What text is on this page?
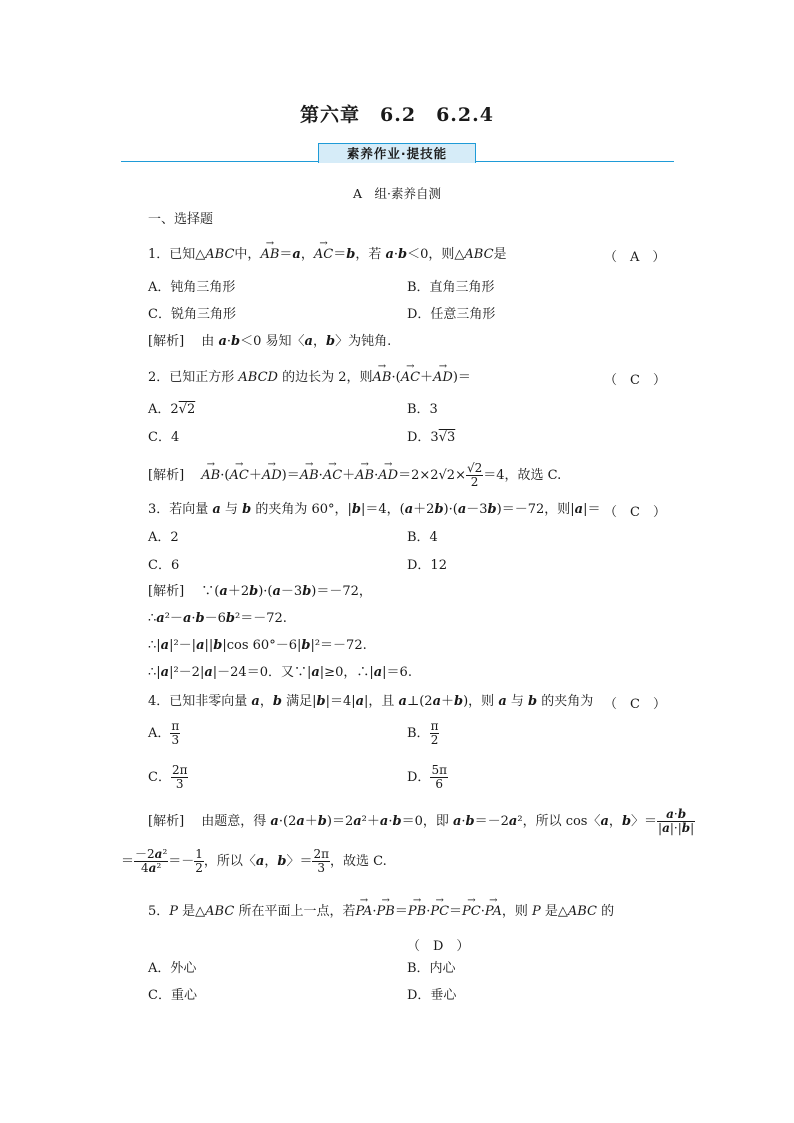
第六章　6.2　6.2.4
素养作业·提技能
A　组·素养自测
一、选择题
1．已知△ABC中，→ AB＝a，→ AC＝b，若 a·b＜0，则△ABC是	（　A　）
A．钝角三角形	B．直角三角形
C．锐角三角形	D．任意三角形
[解析] 　由 a·b＜0 易知〈a，b〉为钝角.
2．已知正方形 ABCD 的边长为 2，则→ AB·(→ AC＋→ AD)＝	（　C　）
A．2√2	B．3
C．4	D．3√3
[解析] 　 → $AB\cdot(\to AC+\to AD)=\to AB\cdot\to AC+\to AB\cdot\to AD=2\times 2√2\times \frac{√2}{2} =4$，故选 C.
3．若向量 a 与 b 的夹角为 60°，|b|＝4，(a＋2b)·(a－3b)＝－72，则|a|＝ （　C　）
A．2	B．4
C．6	D．12
[解析] 　∵(a＋2b)·(a－3b)＝－72，
∴a²－a·b－6b²＝－72.
∴|a|²－|a||b|cos 60°－6|b|²＝－72.
∴|a|²－2|a|－24＝0．又∵|a|≥0，∴|a|＝6.
4．已知非零向量 a，b 满足|b|＝4|a|，且 a⊥(2a＋b)，则 a 与 b 的夹角为 （　C　）
A． $\frac{\pi}{3}$	B． $\frac{\pi}{2}$
C． $\frac{2\pi}{3}$	D． $\frac{5\pi}{6}$
[解析] 　由题意，得 a·(2a＋b)＝2a²＋a·b＝0，即 a·b＝－2a²，所以 cos〈a，b〉＝ $\frac{a\cdot b}{|a|\cdot|b|}$
＝ $\frac{\text{－2a²}}{\text{4a²}} =- \frac{1}{2}$ ，所以〈a，b〉＝ $\frac{2\pi}{3}$ ，故选 C.
5．P 是△ABC 所在平面上一点，若→ PA·→ PB＝→ PB·→ PC＝→ PC·→ PA，则 P 是△ABC 的
（　D　）
A．外心	B．内心
C．重心	D．垂心
